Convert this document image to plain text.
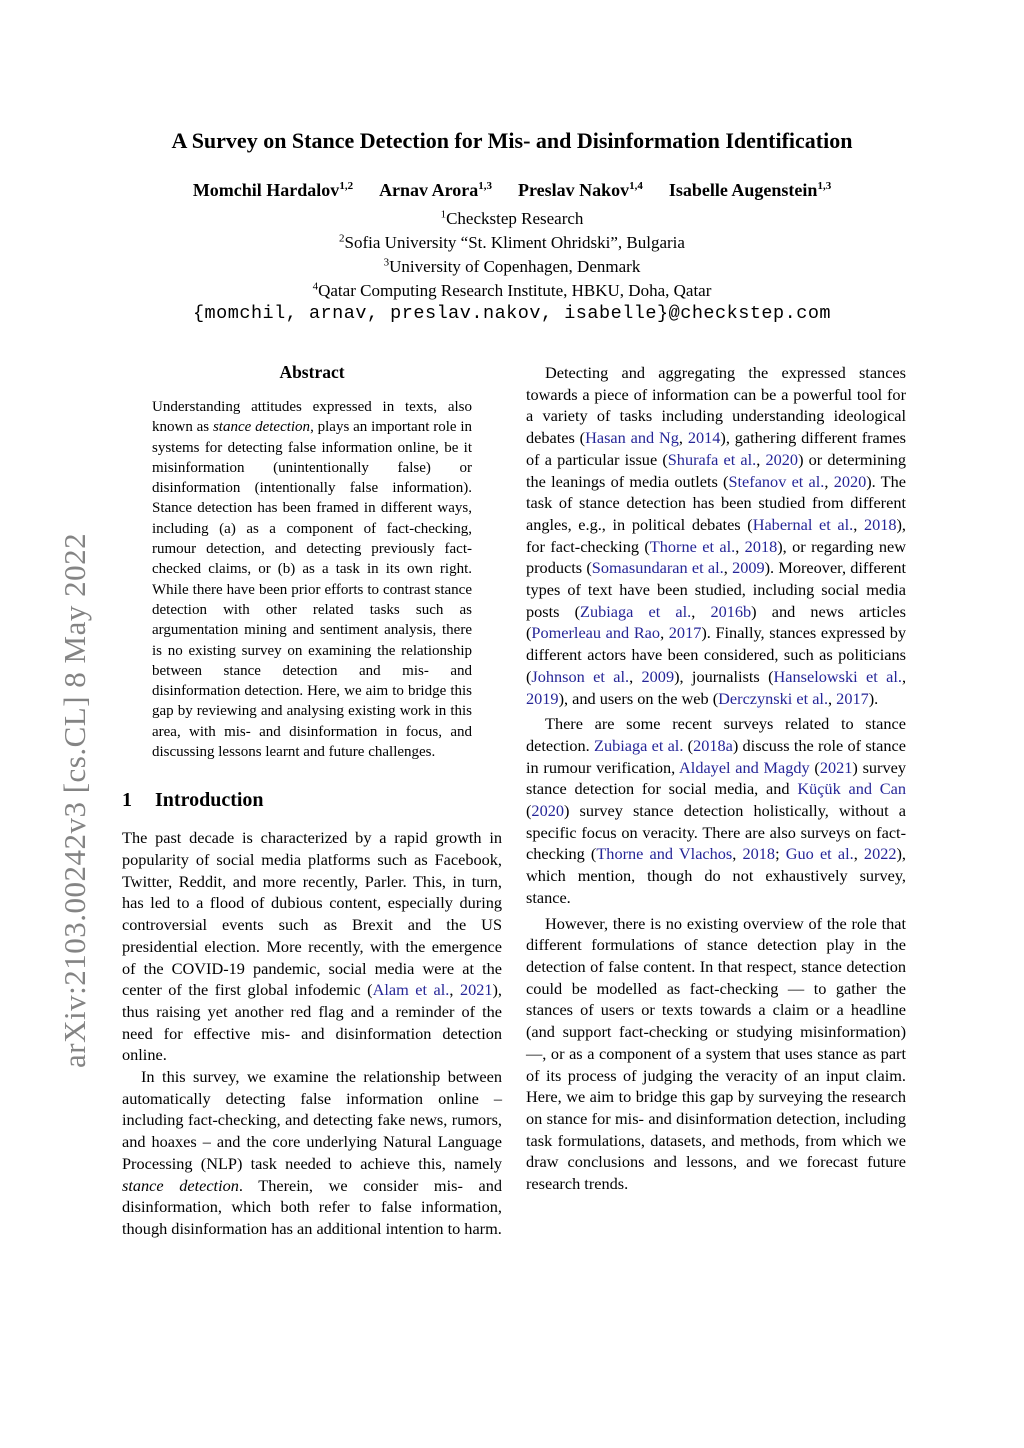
arXiv:2103.00242v3 [cs.CL] 8 May 2022
A Survey on Stance Detection for Mis- and Disinformation Identification
Momchil Hardalov$^{1,2}$ Arnav Arora$^{1,3}$ Preslav Nakov$^{1,4}$ Isabelle Augenstein$^{1,3}$
$^1$Checkstep Research
$^2$Sofia University “St. Kliment Ohridski”, Bulgaria
$^3$University of Copenhagen, Denmark
$^4$Qatar Computing Research Institute, HBKU, Doha, Qatar
{momchil, arnav, preslav.nakov, isabelle}@checkstep.com
Abstract

Understanding attitudes expressed in texts, also known as stance detection, plays an important role in systems for detecting false information online, be it misinformation (unintentionally false) or disinformation (intentionally false information). Stance detection has been framed in different ways, including (a) as a component of fact-checking, rumour detection, and detecting previously fact-checked claims, or (b) as a task in its own right. While there have been prior efforts to contrast stance detection with other related tasks such as argumentation mining and sentiment analysis, there is no existing survey on examining the relationship between stance detection and mis- and disinformation detection. Here, we aim to bridge this gap by reviewing and analysing existing work in this area, with mis- and disinformation in focus, and discussing lessons learnt and future challenges.

1 Introduction

The past decade is characterized by a rapid growth in popularity of social media platforms such as Facebook, Twitter, Reddit, and more recently, Parler. This, in turn, has led to a flood of dubious content, especially during controversial events such as Brexit and the US presidential election. More recently, with the emergence of the COVID-19 pandemic, social media were at the center of the first global infodemic (Alam et al., 2021), thus raising yet another red flag and a reminder of the need for effective mis- and disinformation detection online.

In this survey, we examine the relationship between automatically detecting false information online – including fact-checking, and detecting fake news, rumors, and hoaxes – and the core underlying Natural Language Processing (NLP) task needed to achieve this, namely stance detection. Therein, we consider mis- and disinformation, which both refer to false information, though disinformation has an additional intention to harm.

Detecting and aggregating the expressed stances towards a piece of information can be a powerful tool for a variety of tasks including understanding ideological debates (Hasan and Ng, 2014), gathering different frames of a particular issue (Shurafa et al., 2020) or determining the leanings of media outlets (Stefanov et al., 2020). The task of stance detection has been studied from different angles, e.g., in political debates (Habernal et al., 2018), for fact-checking (Thorne et al., 2018), or regarding new products (Somasundaran et al., 2009). Moreover, different types of text have been studied, including social media posts (Zubiaga et al., 2016b) and news articles (Pomerleau and Rao, 2017). Finally, stances expressed by different actors have been considered, such as politicians (Johnson et al., 2009), journalists (Hanselowski et al., 2019), and users on the web (Derczynski et al., 2017).

There are some recent surveys related to stance detection. Zubiaga et al. (2018a) discuss the role of stance in rumour verification, Aldayel and Magdy (2021) survey stance detection for social media, and Küçük and Can (2020) survey stance detection holistically, without a specific focus on veracity. There are also surveys on fact-checking (Thorne and Vlachos, 2018; Guo et al., 2022), which mention, though do not exhaustively survey, stance.

However, there is no existing overview of the role that different formulations of stance detection play in the detection of false content. In that respect, stance detection could be modelled as fact-checking — to gather the stances of users or texts towards a claim or a headline (and support fact-checking or studying misinformation) —, or as a component of a system that uses stance as part of its process of judging the veracity of an input claim. Here, we aim to bridge this gap by surveying the research on stance for mis- and disinformation detection, including task formulations, datasets, and methods, from which we draw conclusions and lessons, and we forecast future research trends.
